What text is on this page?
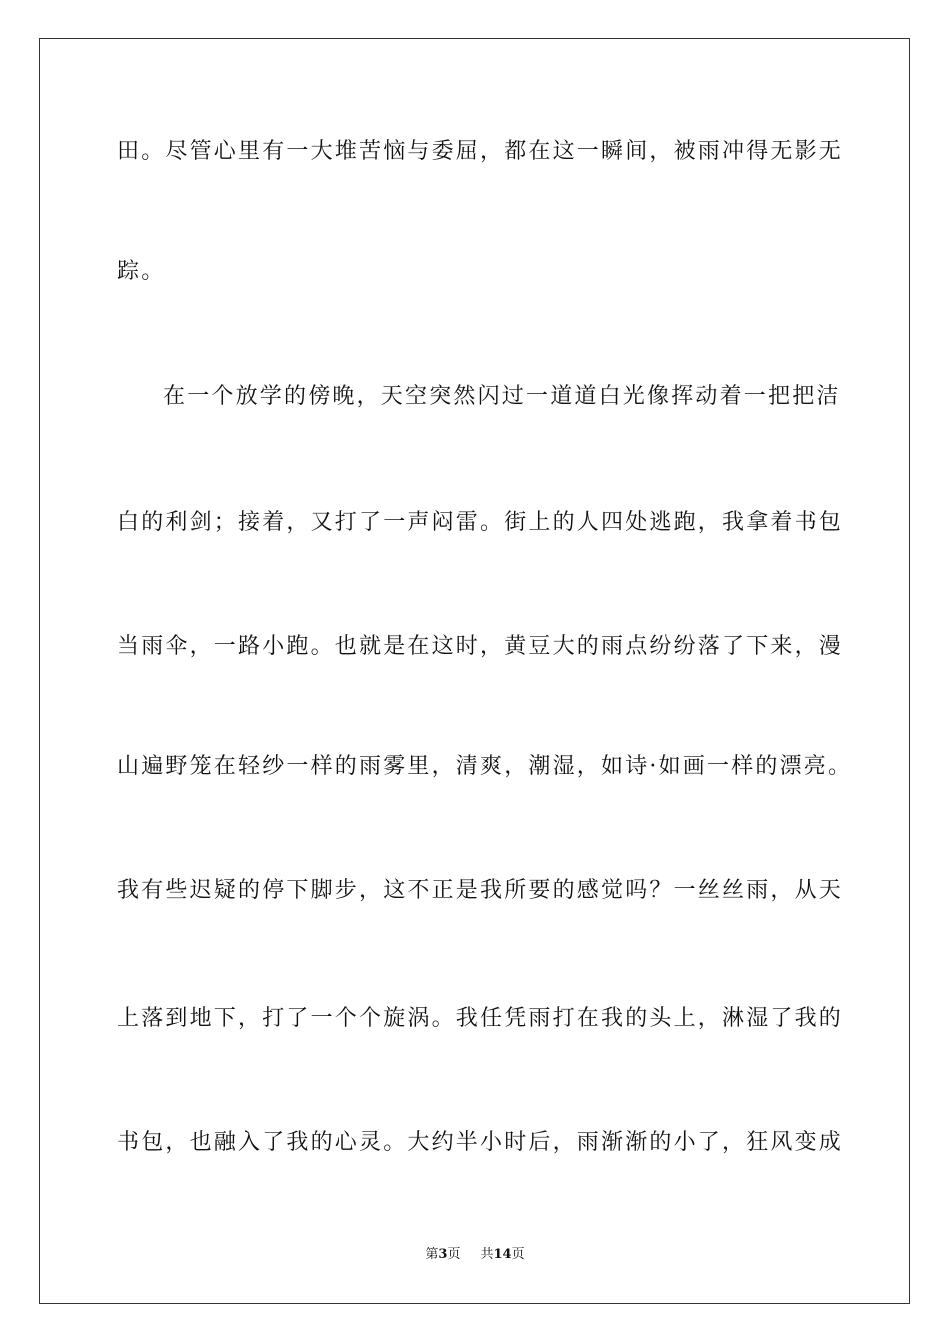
田。尽管心里有一大堆苦恼与委屈，都在这一瞬间，被雨冲得无影无
踪。
在一个放学的傍晚，天空突然闪过一道道白光像挥动着一把把洁
白的利剑；接着，又打了一声闷雷。街上的人四处逃跑，我拿着书包
当雨伞，一路小跑。也就是在这时，黄豆大的雨点纷纷落了下来，漫
山遍野笼在轻纱一样的雨雾里，清爽，潮湿，如诗·如画一样的漂亮。
我有些迟疑的停下脚步，这不正是我所要的感觉吗？一丝丝雨，从天
上落到地下，打了一个个旋涡。我任凭雨打在我的头上，淋湿了我的
书包，也融入了我的心灵。大约半小时后，雨渐渐的小了，狂风变成
第3页 共14页
